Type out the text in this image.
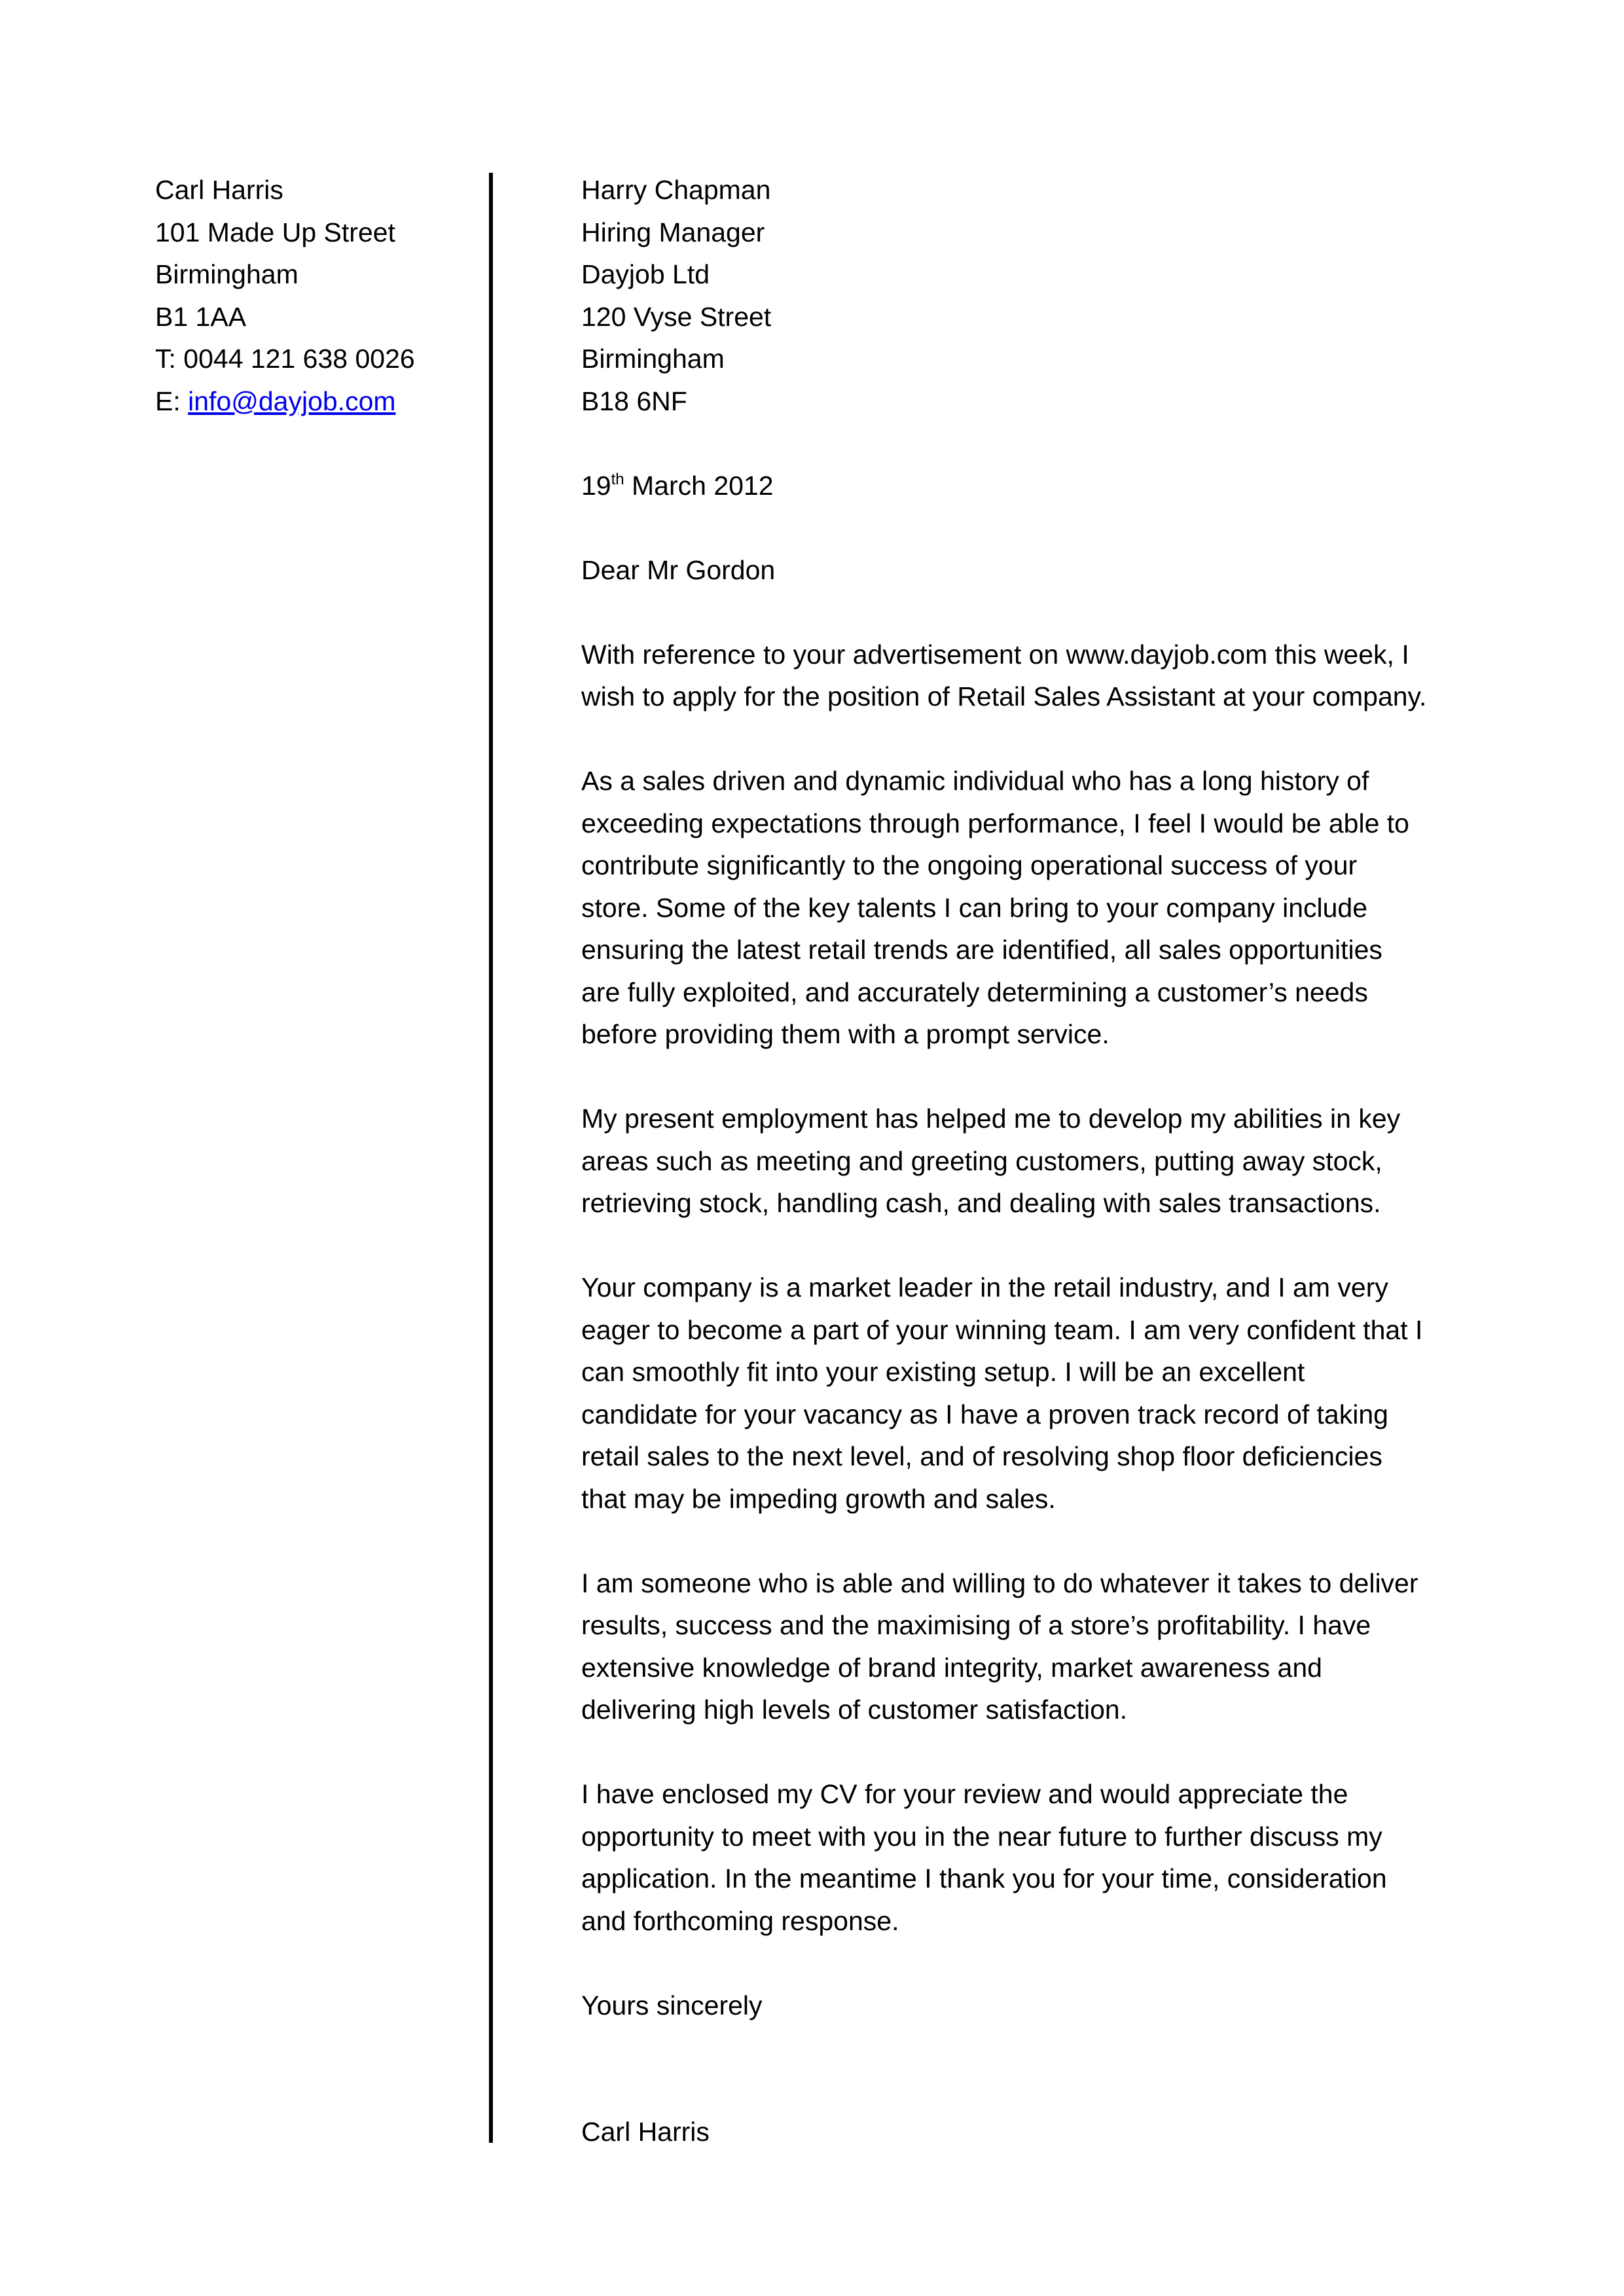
Carl Harris
101 Made Up Street
Birmingham
B1 1AA
T: 0044 121 638 0026
E: info@dayjob.com
Harry Chapman
Hiring Manager
Dayjob Ltd
120 Vyse Street
Birmingham
B18 6NF
19th March 2012
Dear Mr Gordon
With reference to your advertisement on www.dayjob.com this week, I
wish to apply for the position of Retail Sales Assistant at your company.
As a sales driven and dynamic individual who has a long history of
exceeding expectations through performance, I feel I would be able to
contribute significantly to the ongoing operational success of your
store. Some of the key talents I can bring to your company include
ensuring the latest retail trends are identified, all sales opportunities
are fully exploited, and accurately determining a customer’s needs
before providing them with a prompt service.
My present employment has helped me to develop my abilities in key
areas such as meeting and greeting customers, putting away stock,
retrieving stock, handling cash, and dealing with sales transactions.
Your company is a market leader in the retail industry, and I am very
eager to become a part of your winning team. I am very confident that I
can smoothly fit into your existing setup. I will be an excellent
candidate for your vacancy as I have a proven track record of taking
retail sales to the next level, and of resolving shop floor deficiencies
that may be impeding growth and sales.
I am someone who is able and willing to do whatever it takes to deliver
results, success and the maximising of a store’s profitability. I have
extensive knowledge of brand integrity, market awareness and
delivering high levels of customer satisfaction.
I have enclosed my CV for your review and would appreciate the
opportunity to meet with you in the near future to further discuss my
application. In the meantime I thank you for your time, consideration
and forthcoming response.
Yours sincerely
Carl Harris
